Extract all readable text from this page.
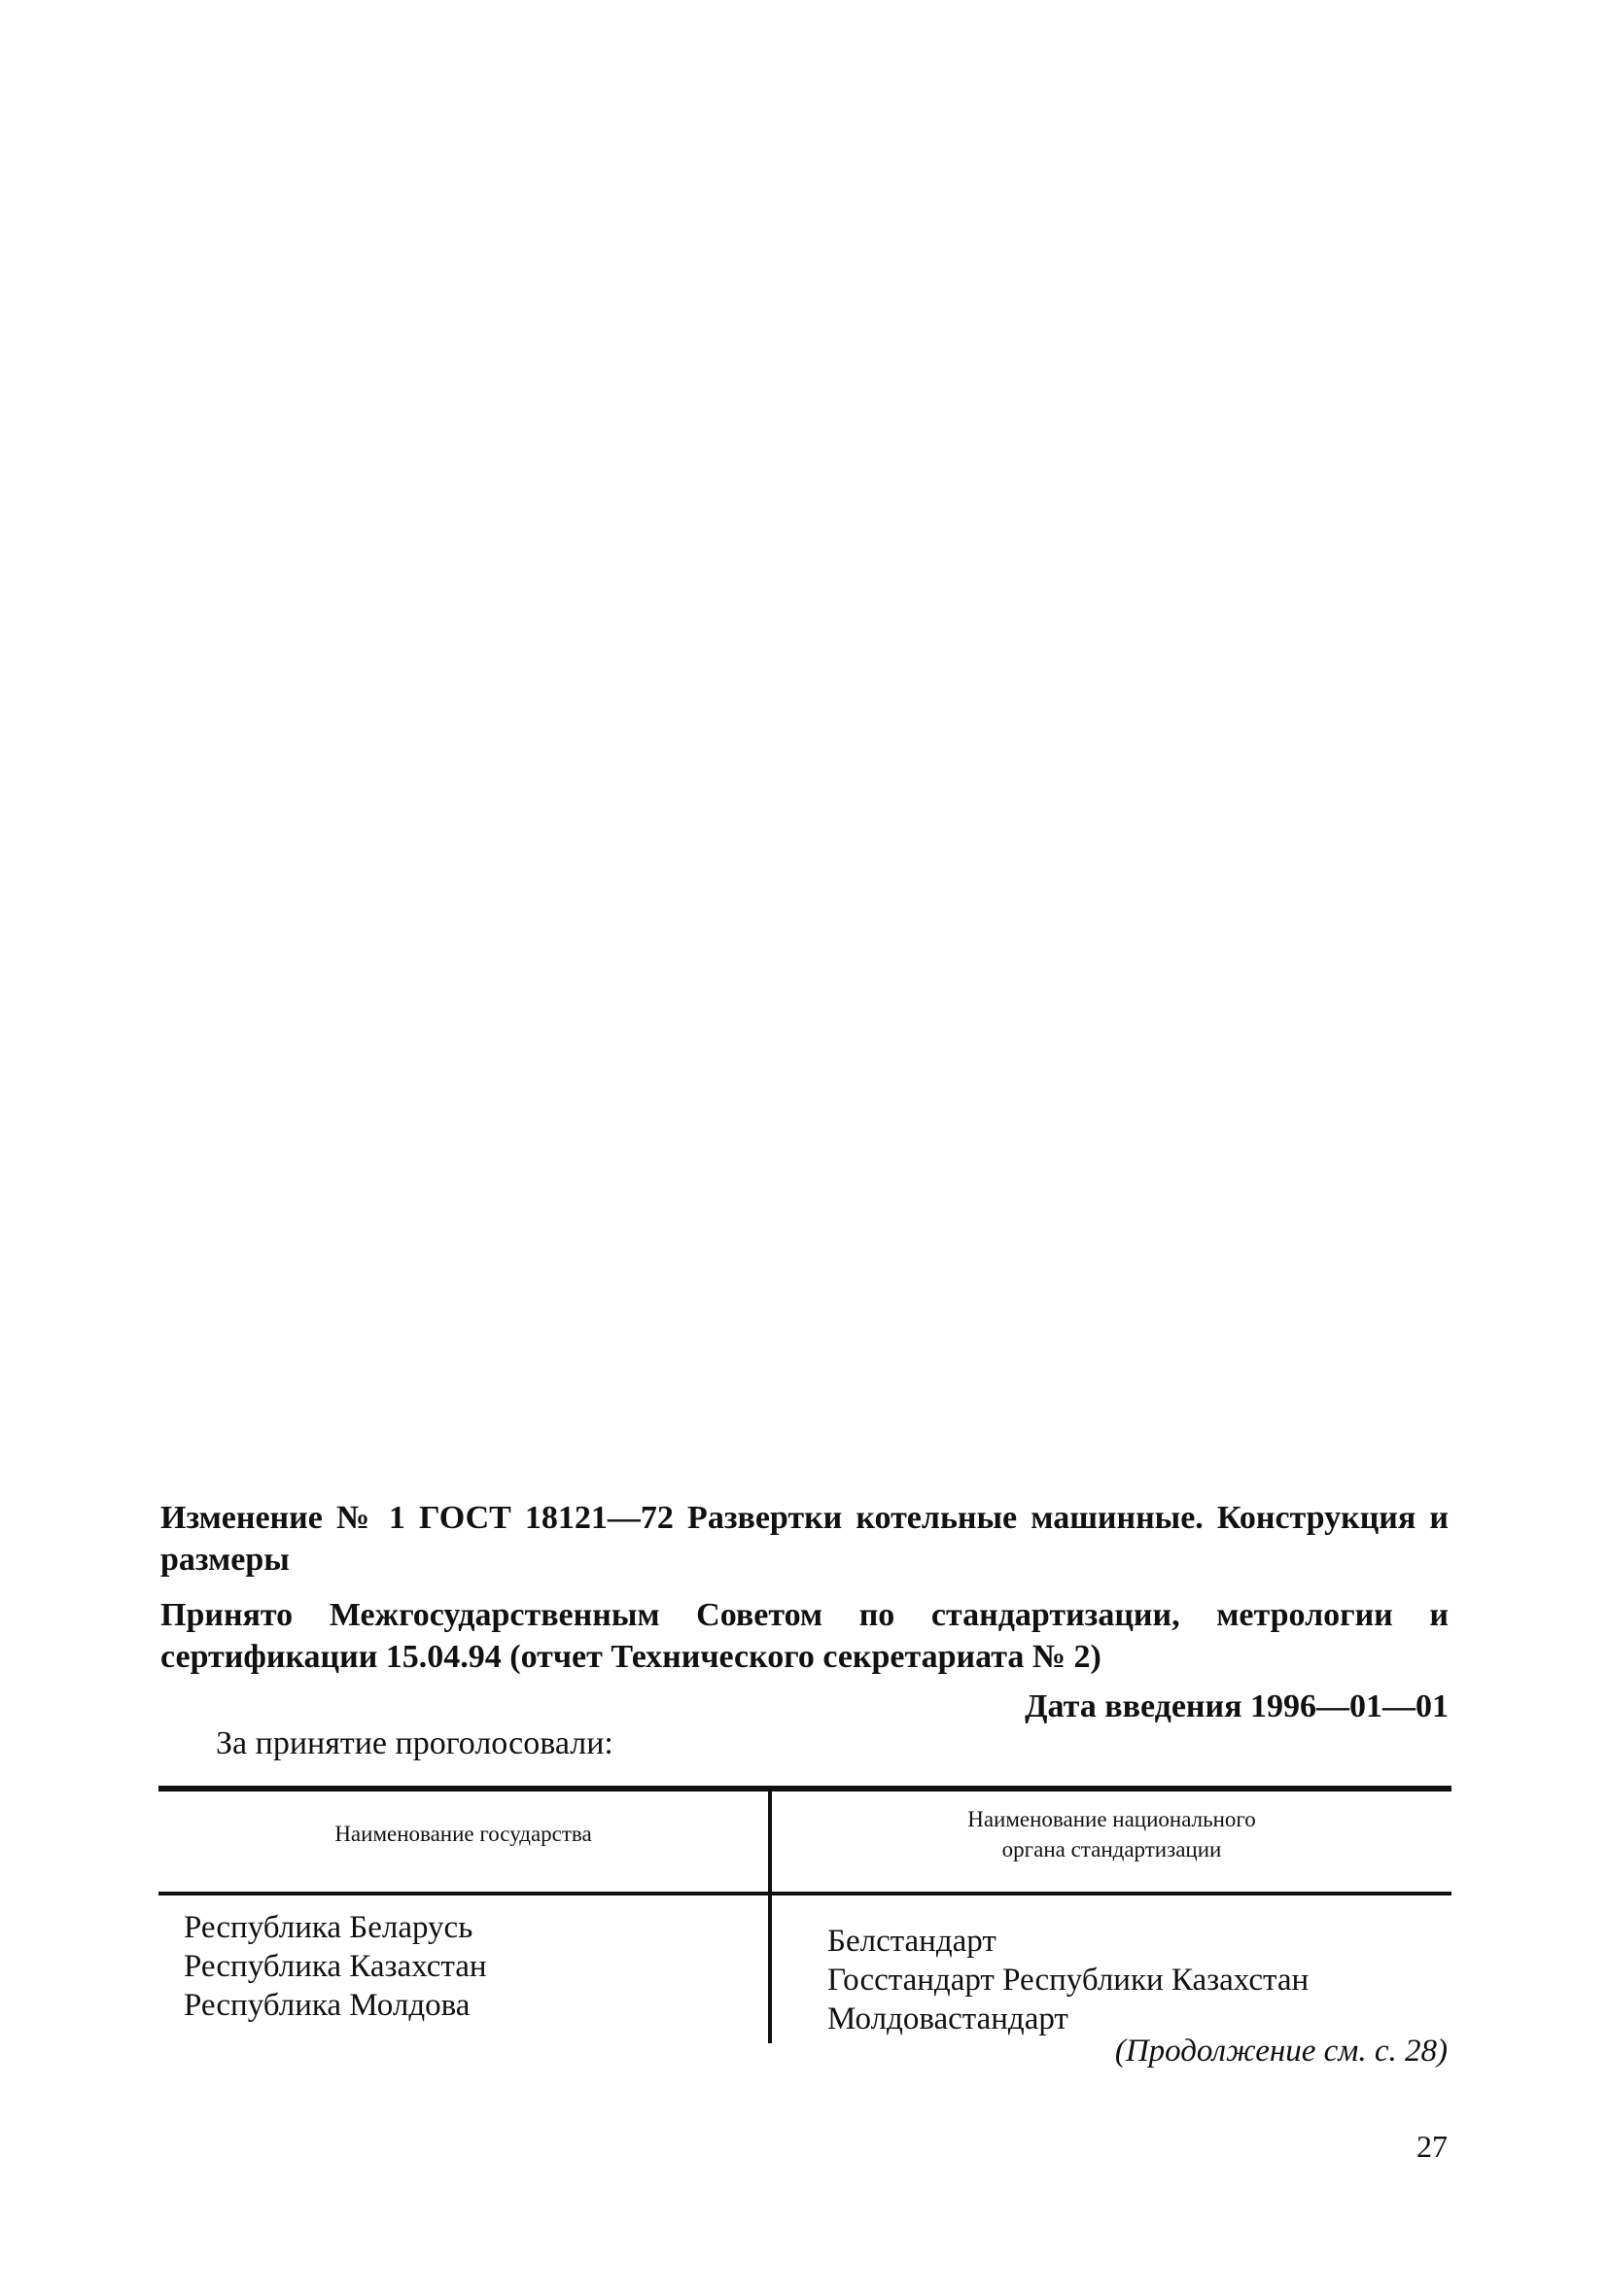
Изменение № 1 ГОСТ 18121—72 Развертки котельные машинные. Конструкция и размеры
Принято Межгосударственным Советом по стандартизации, метрологии и сертификации 15.04.94 (отчет Технического секретариата № 2)
Дата введения 1996—01—01
За принятие проголосовали:
Наименование государства
Наименование национального
органа стандартизации
Республика Беларусь
Республика Казахстан
Республика Молдова
Белстандарт
Госстандарт Республики Казахстан
Молдовастандарт
(Продолжение см. с. 28)
27
